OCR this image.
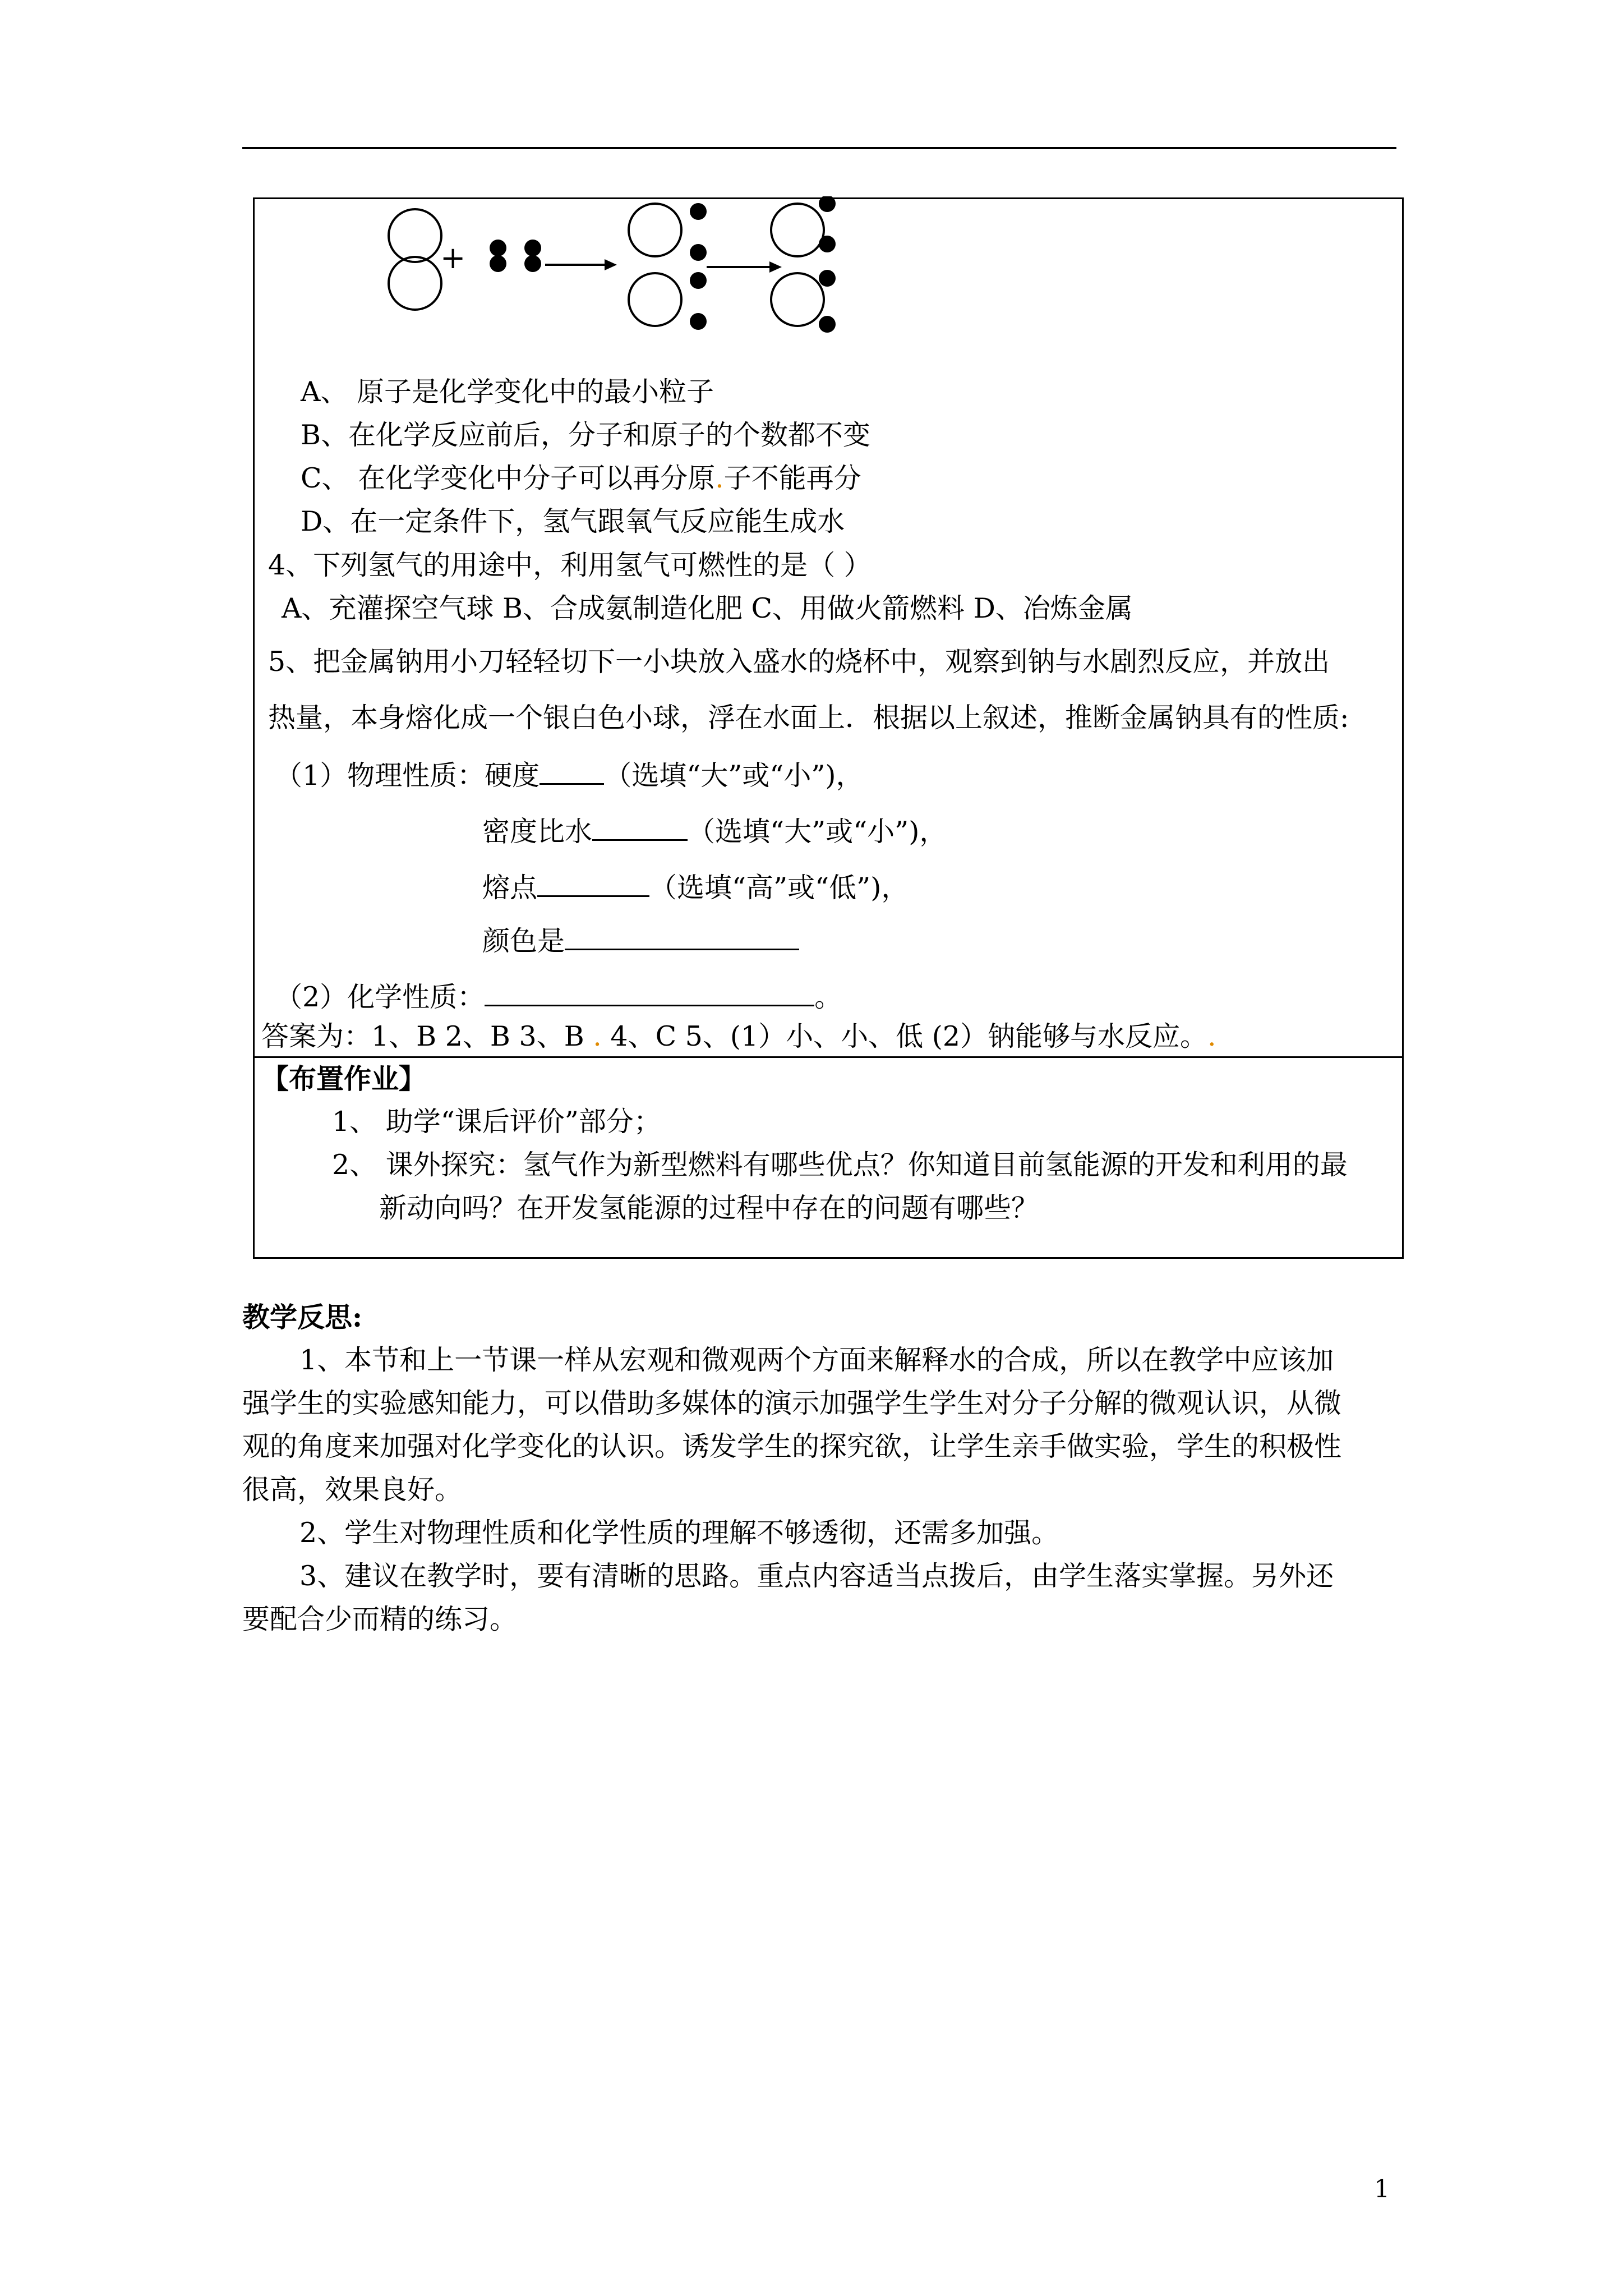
+
A、 原子是化学变化中的最小粒子
B、在化学反应前后，分子和原子的个数都不变
C、 在化学变化中分子可以再分原.子不能再分
D、在一定条件下，氢气跟氧气反应能生成水
4、下列氢气的用途中，利用氢气可燃性的是（ ）
A、充灌探空气球 B、合成氨制造化肥 C、用做火箭燃料 D、冶炼金属
5、把金属钠用小刀轻轻切下一小块放入盛水的烧杯中，观察到钠与水剧烈反应，并放出
热量，本身熔化成一个银白色小球，浮在水面上．根据以上叙述，推断金属钠具有的性质:
（1）物理性质：硬度 （选填“大”或“小”)，
密度比水	（选填“大”或“小”)，
熔点	（选填“高”或“低”)，
颜色是
（2）化学性质：	。
答案为：1、B 2、B 3、B . 4、C 5、(1）小、小、低 (2）钠能够与水反应。.
【布置作业】
1、 助学“课后评价”部分；
2、 课外探究：氢气作为新型燃料有哪些优点？你知道目前氢能源的开发和利用的最
新动向吗？在开发氢能源的过程中存在的问题有哪些？
教学反思:
1、本节和上一节课一样从宏观和微观两个方面来解释水的合成，所以在教学中应该加
强学生的实验感知能力，可以借助多媒体的演示加强学生学生对分子分解的微观认识，从微
观的角度来加强对化学变化的认识。诱发学生的探究欲，让学生亲手做实验，学生的积极性
很高，效果良好。
2、学生对物理性质和化学性质的理解不够透彻，还需多加强。
3、建议在教学时，要有清晰的思路。重点内容适当点拨后，由学生落实掌握。另外还
要配合少而精的练习。
1
